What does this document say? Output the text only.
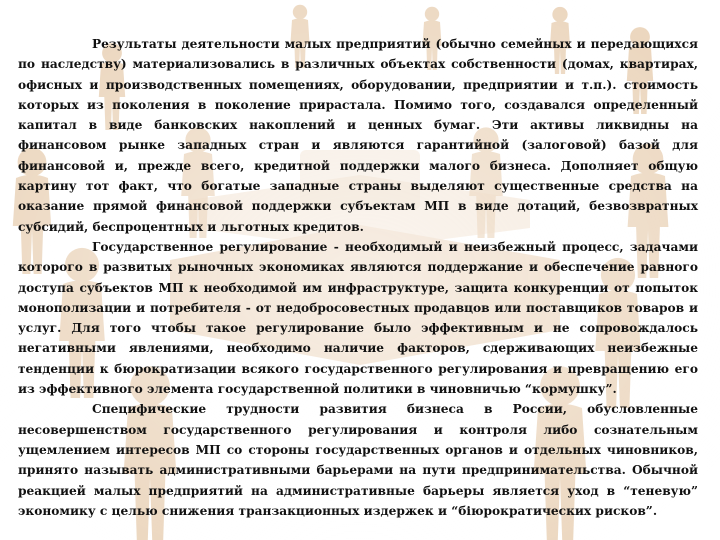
Результаты деятельности малых предприятий (обычно семейных и передающихся по наследству) материализовались в различных объектах собственности (домах, квартирах, офисных и производственных помещениях, оборудовании, предприятии и т.п.). стоимость которых из поколения в поколение прирастала. Помимо того, создавался определенный капитал в виде банковских накоплений и ценных бумаг. Эти активы ликвидны на финансовом рынке западных стран и являются гарантийной (залоговой) базой для финансовой и, прежде всего, кредитной поддержки малого бизнеса. Дополняет общую картину тот факт, что богатые западные страны выделяют существенные средства на оказание прямой финансовой поддержки субъектам МП в виде дотаций, безвозвратных субсидий, беспроцентных и льготных кредитов.

Государственное регулирование - необходимый и неизбежный процесс, задачами которого в развитых рыночных экономиках являются поддержание и обеспечение равного доступа субъектов МП к необходимой им инфраструктуре, защита конкуренции от попыток монополизации и потребителя - от недобросовестных продавцов или поставщиков товаров и услуг. Для того чтобы такое регулирование было эффективным и не сопровождалось негативными явлениями, необходимо наличие факторов, сдерживающих неизбежные тенденции к бюрократизации всякого государственного регулирования и превращению его из эффективного элемента государственной политики в чиновничью “кормушку”.

Специфические трудности развития бизнеса в России, обусловленные несовершенством государственного регулирования и контроля либо сознательным ущемлением интересов МП со стороны государственных органов и отдельных чиновников, принято называть административными барьерами на пути предпринимательства. Обычной реакцией малых предприятий на административные барьеры является уход в “теневую” экономику с целью снижения транзакционных издержек и “біюрократических рисков”.
